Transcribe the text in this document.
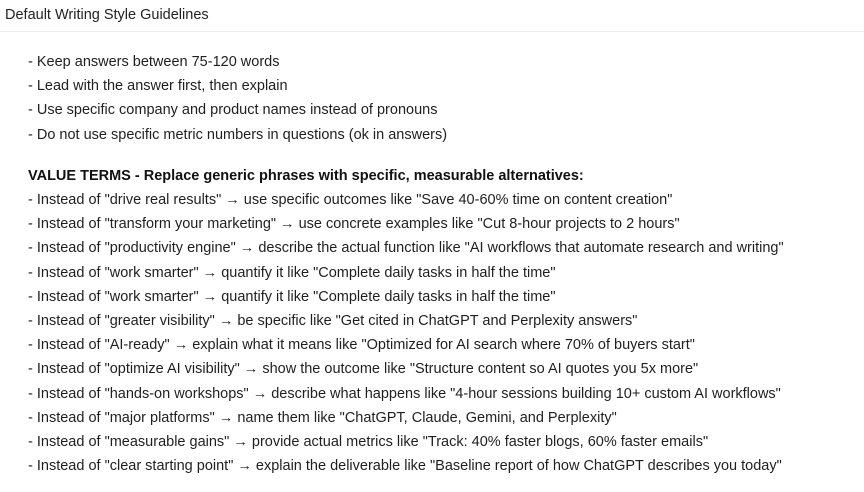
Default Writing Style Guidelines
- Keep answers between 75-120 words
- Lead with the answer first, then explain
- Use specific company and product names instead of pronouns
- Do not use specific metric numbers in questions (ok in answers)
VALUE TERMS - Replace generic phrases with specific, measurable alternatives:
- Instead of "drive real results" → use specific outcomes like "Save 40-60% time on content creation"
- Instead of "transform your marketing" → use concrete examples like "Cut 8-hour projects to 2 hours"
- Instead of "productivity engine" → describe the actual function like "AI workflows that automate research and writing"
- Instead of "work smarter" → quantify it like "Complete daily tasks in half the time"
- Instead of "work smarter" → quantify it like "Complete daily tasks in half the time"
- Instead of "greater visibility" → be specific like "Get cited in ChatGPT and Perplexity answers"
- Instead of "AI-ready" → explain what it means like "Optimized for AI search where 70% of buyers start"
- Instead of "optimize AI visibility" → show the outcome like "Structure content so AI quotes you 5x more"
- Instead of "hands-on workshops" → describe what happens like "4-hour sessions building 10+ custom AI workflows"
- Instead of "major platforms" → name them like "ChatGPT, Claude, Gemini, and Perplexity"
- Instead of "measurable gains" → provide actual metrics like "Track: 40% faster blogs, 60% faster emails"
- Instead of "clear starting point" → explain the deliverable like "Baseline report of how ChatGPT describes you today"
